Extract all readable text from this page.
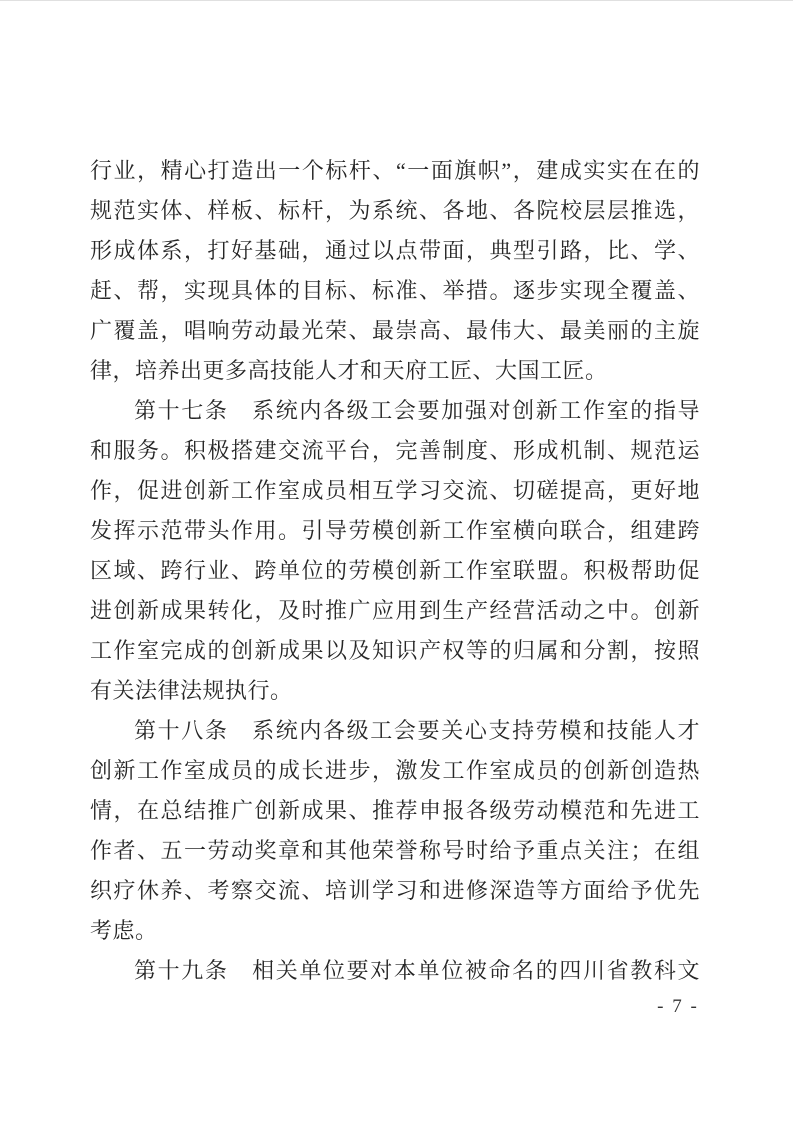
行业，精心打造出一个标杆、“一面旗帜”，建成实实在在的
规范实体、样板、标杆，为系统、各地、各院校层层推选，
形成体系，打好基础，通过以点带面，典型引路，比、学、
赶、帮，实现具体的目标、标准、举措。逐步实现全覆盖、
广覆盖，唱响劳动最光荣、最崇高、最伟大、最美丽的主旋
律，培养出更多高技能人才和天府工匠、大国工匠。
第十七条　系统内各级工会要加强对创新工作室的指导
和服务。积极搭建交流平台，完善制度、形成机制、规范运
作，促进创新工作室成员相互学习交流、切磋提高，更好地
发挥示范带头作用。引导劳模创新工作室横向联合，组建跨
区域、跨行业、跨单位的劳模创新工作室联盟。积极帮助促
进创新成果转化，及时推广应用到生产经营活动之中。创新
工作室完成的创新成果以及知识产权等的归属和分割，按照
有关法律法规执行。
第十八条　系统内各级工会要关心支持劳模和技能人才
创新工作室成员的成长进步，激发工作室成员的创新创造热
情，在总结推广创新成果、推荐申报各级劳动模范和先进工
作者、五一劳动奖章和其他荣誉称号时给予重点关注；在组
织疗休养、考察交流、培训学习和进修深造等方面给予优先
考虑。
第十九条　相关单位要对本单位被命名的四川省教科文
- 7 -
